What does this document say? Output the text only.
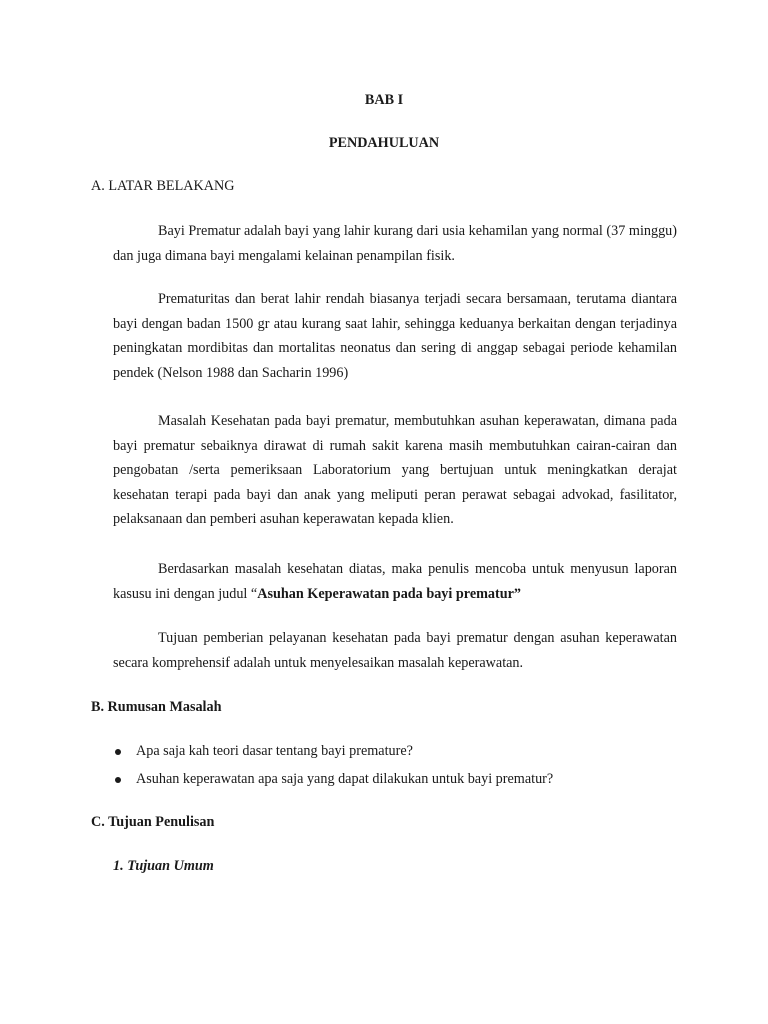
BAB I

PENDAHULUAN

A. LATAR BELAKANG

Bayi Prematur adalah bayi yang lahir kurang dari usia kehamilan yang normal (37 minggu) dan juga dimana bayi mengalami kelainan penampilan fisik.

Prematuritas dan berat lahir rendah biasanya terjadi secara bersamaan, terutama diantara bayi dengan badan 1500 gr atau kurang saat lahir, sehingga keduanya berkaitan dengan terjadinya peningkatan mordibitas dan mortalitas neonatus dan sering di anggap sebagai periode kehamilan pendek (Nelson 1988 dan Sacharin 1996)

Masalah Kesehatan pada bayi prematur, membutuhkan asuhan keperawatan, dimana pada bayi prematur sebaiknya dirawat di rumah sakit karena masih membutuhkan cairan-cairan dan pengobatan /serta pemeriksaan Laboratorium yang bertujuan untuk meningkatkan derajat kesehatan terapi pada bayi dan anak yang meliputi peran perawat sebagai advokad, fasilitator, pelaksanaan dan pemberi asuhan keperawatan kepada klien.

Berdasarkan masalah kesehatan diatas, maka penulis mencoba untuk menyusun laporan kasusu ini dengan judul “Asuhan Keperawatan pada bayi prematur”

Tujuan pemberian pelayanan kesehatan pada bayi prematur dengan asuhan keperawatan secara komprehensif adalah untuk menyelesaikan masalah keperawatan.

B. Rumusan Masalah

Apa saja kah teori dasar tentang bayi premature?
Asuhan keperawatan apa saja yang dapat dilakukan untuk bayi prematur?

C. Tujuan Penulisan

1. Tujuan Umum
